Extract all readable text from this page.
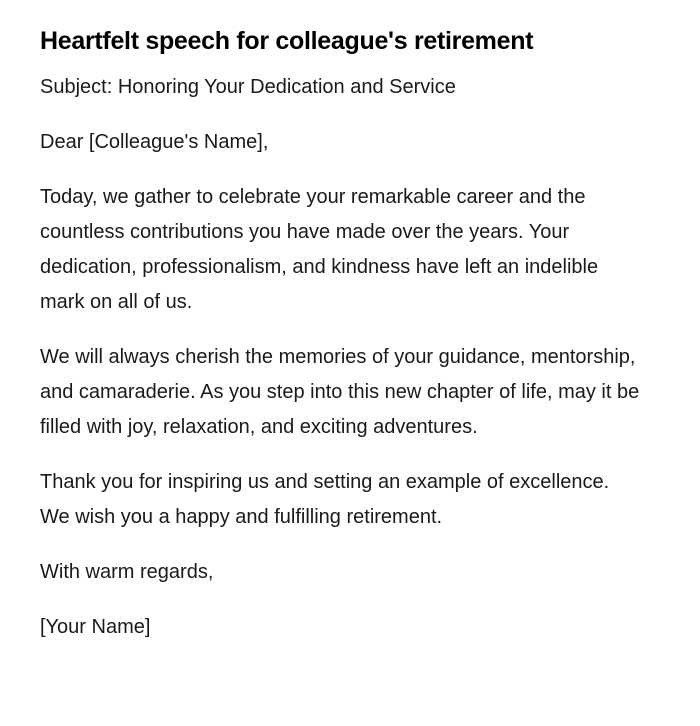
Heartfelt speech for colleague's retirement

Subject: Honoring Your Dedication and Service

Dear [Colleague's Name],

Today, we gather to celebrate your remarkable career and the countless contributions you have made over the years. Your dedication, professionalism, and kindness have left an indelible mark on all of us.

We will always cherish the memories of your guidance, mentorship, and camaraderie. As you step into this new chapter of life, may it be filled with joy, relaxation, and exciting adventures.

Thank you for inspiring us and setting an example of excellence. We wish you a happy and fulfilling retirement.

With warm regards,

[Your Name]
